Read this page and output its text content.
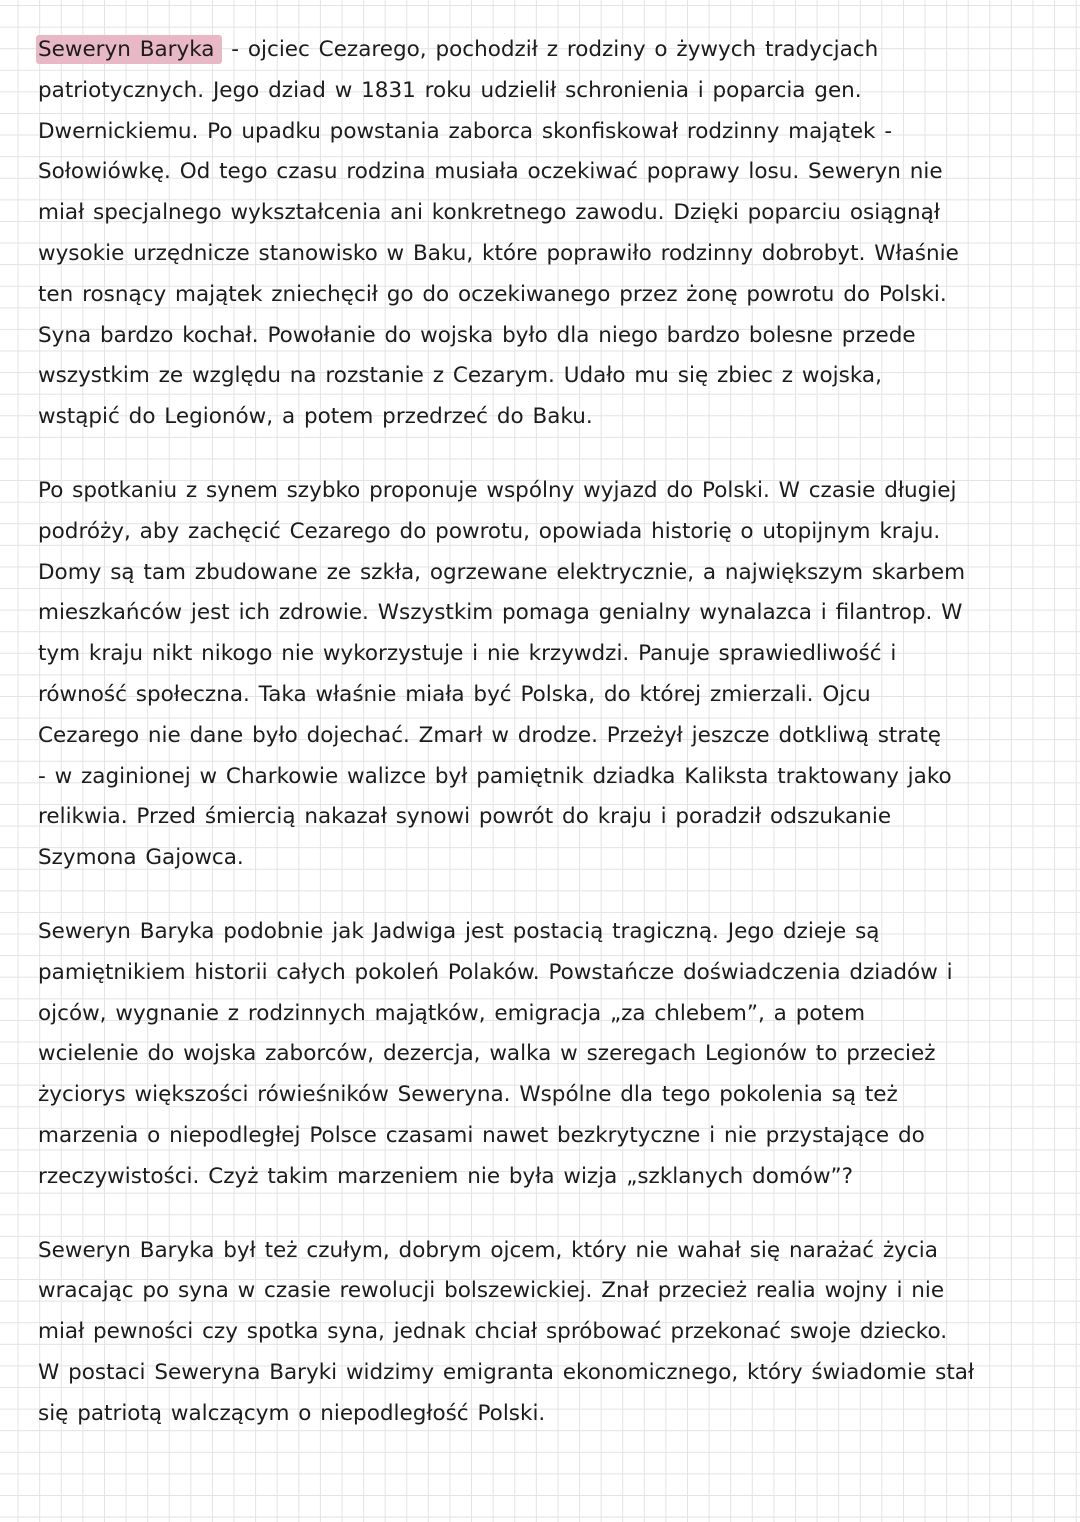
Seweryn Baryka - ojciec Cezarego, pochodził z rodziny o żywych tradycjach
patriotycznych. Jego dziad w 1831 roku udzielił schronienia i poparcia gen.
Dwernickiemu. Po upadku powstania zaborca skonfiskował rodzinny majątek -
Sołowiówkę. Od tego czasu rodzina musiała oczekiwać poprawy losu. Seweryn nie
miał specjalnego wykształcenia ani konkretnego zawodu. Dzięki poparciu osiągnął
wysokie urzędnicze stanowisko w Baku, które poprawiło rodzinny dobrobyt. Właśnie
ten rosnący majątek zniechęcił go do oczekiwanego przez żonę powrotu do Polski.
Syna bardzo kochał. Powołanie do wojska było dla niego bardzo bolesne przede
wszystkim ze względu na rozstanie z Cezarym. Udało mu się zbiec z wojska,
wstąpić do Legionów, a potem przedrzeć do Baku.
Po spotkaniu z synem szybko proponuje wspólny wyjazd do Polski. W czasie długiej
podróży, aby zachęcić Cezarego do powrotu, opowiada historię o utopijnym kraju.
Domy są tam zbudowane ze szkła, ogrzewane elektrycznie, a największym skarbem
mieszkańców jest ich zdrowie. Wszystkim pomaga genialny wynalazca i filantrop. W
tym kraju nikt nikogo nie wykorzystuje i nie krzywdzi. Panuje sprawiedliwość i
równość społeczna. Taka właśnie miała być Polska, do której zmierzali. Ojcu
Cezarego nie dane było dojechać. Zmarł w drodze. Przeżył jeszcze dotkliwą stratę
- w zaginionej w Charkowie walizce był pamiętnik dziadka Kaliksta traktowany jako
relikwia. Przed śmiercią nakazał synowi powrót do kraju i poradził odszukanie
Szymona Gajowca.
Seweryn Baryka podobnie jak Jadwiga jest postacią tragiczną. Jego dzieje są
pamiętnikiem historii całych pokoleń Polaków. Powstańcze doświadczenia dziadów i
ojców, wygnanie z rodzinnych majątków, emigracja „za chlebem”, a potem
wcielenie do wojska zaborców, dezercja, walka w szeregach Legionów to przecież
życiorys większości rówieśników Seweryna. Wspólne dla tego pokolenia są też
marzenia o niepodległej Polsce czasami nawet bezkrytyczne i nie przystające do
rzeczywistości. Czyż takim marzeniem nie była wizja „szklanych domów”?
Seweryn Baryka był też czułym, dobrym ojcem, który nie wahał się narażać życia
wracając po syna w czasie rewolucji bolszewickiej. Znał przecież realia wojny i nie
miał pewności czy spotka syna, jednak chciał spróbować przekonać swoje dziecko.
W postaci Seweryna Baryki widzimy emigranta ekonomicznego, który świadomie stał
się patriotą walczącym o niepodległość Polski.
